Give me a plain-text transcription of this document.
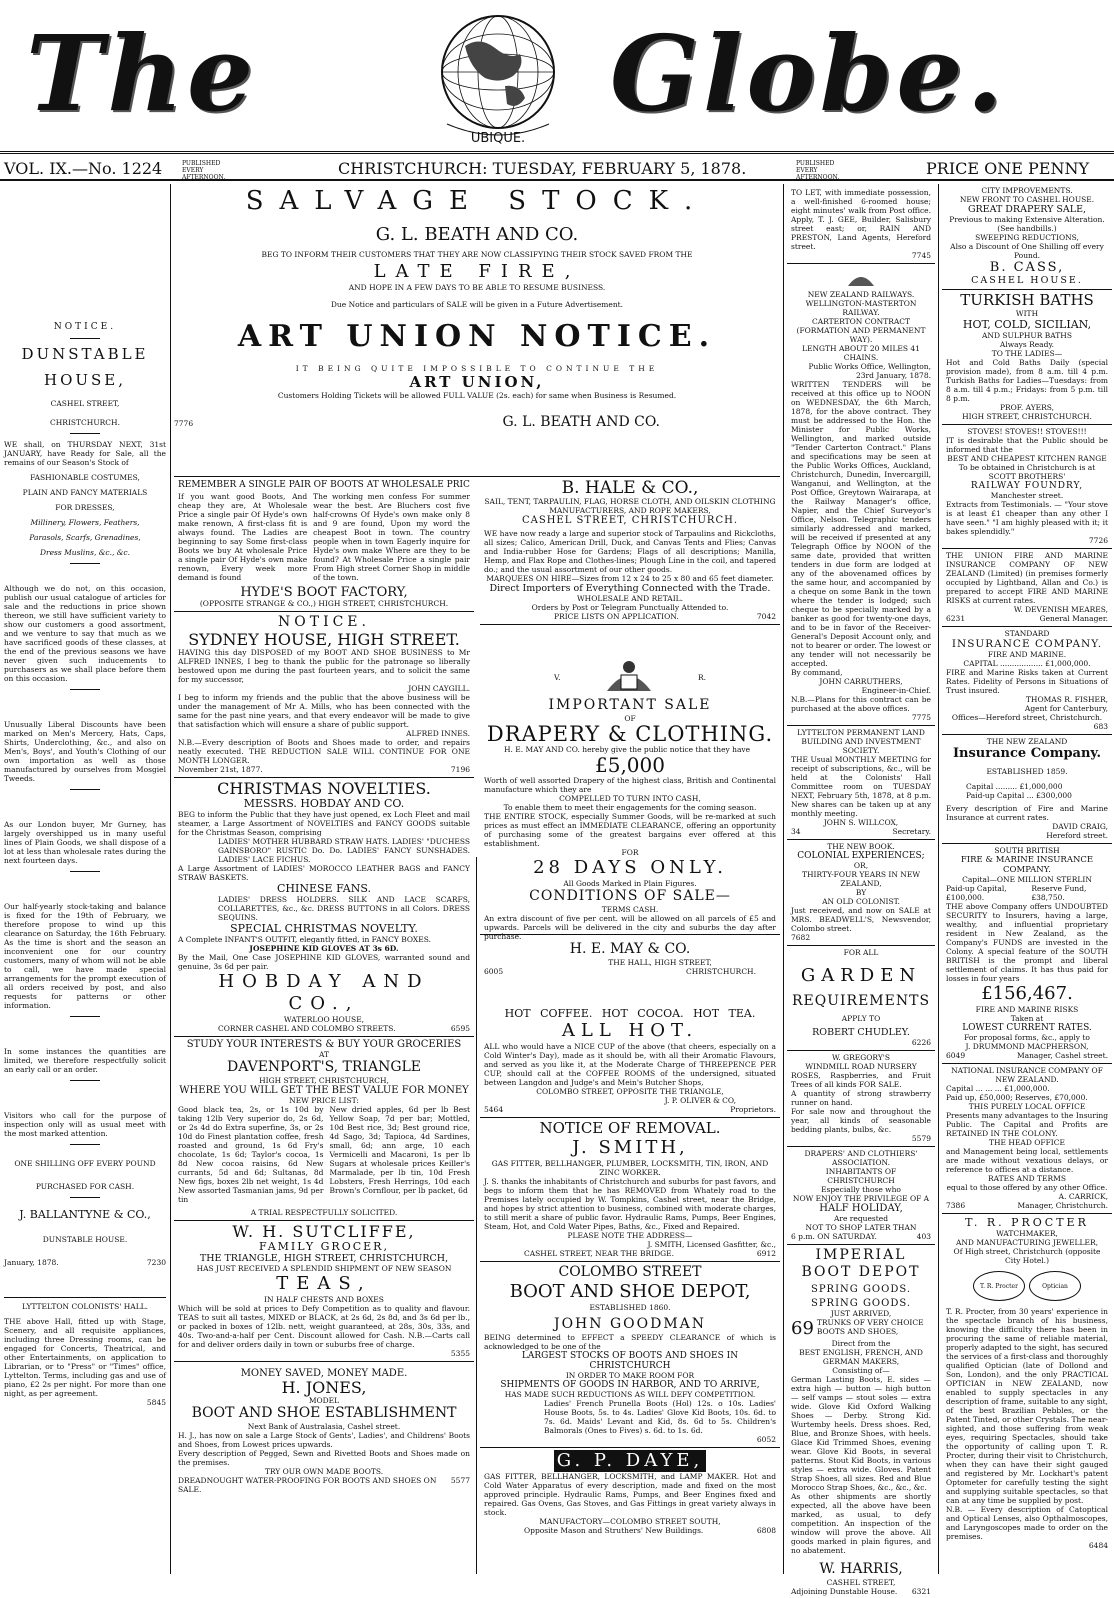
The
UBIQUE.
Globe.
VOL. IX.—No. 1224	PUBLISHED EVERY AFTERNOON.	CHRISTCHURCH: TUESDAY, FEBRUARY 5, 1878.	PUBLISHED EVERY AFTERNOON.	PRICE ONE PENNY
NOTICE.
DUNSTABLE
HOUSE,
CASHEL STREET,
CHRISTCHURCH.

WE shall, on THURSDAY NEXT, 31st JANUARY, have Ready for Sale, all the remains of our Season's Stock of

FASHIONABLE COSTUMES,
PLAIN AND FANCY MATERIALS
FOR DRESSES,
Millinery, Flowers, Feathers,
Parasols, Scarfs, Grenadines,
Dress Muslins, &c., &c.

Although we do not, on this occasion, publish our usual catalogue of articles for sale and the reductions in price shown thereon, we still have sufficient variety to show our customers a good assortment, and we venture to say that much as we have sacrificed goods of these classes, at the end of the previous seasons we have never given such inducements to purchasers as we shall place before them on this occasion.

Unusually Liberal Discounts have been marked on Men's Mercery, Hats, Caps, Shirts, Underclothing, &c., and also on Men's, Boys', and Youth's Clothing of our own importation as well as those manufactured by ourselves from Mosgiel Tweeds.

As our London buyer, Mr Gurney, has largely overshipped us in many useful lines of Plain Goods, we shall dispose of a lot at less than wholesale rates during the next fourteen days.

Our half-yearly stock-taking and balance is fixed for the 19th of February, we therefore propose to wind up this clearance on Saturday, the 16th February. As the time is short and the season an inconvenient one for our country customers, many of whom will not be able to call, we have made special arrangements for the prompt execution of all orders received by post, and also requests for patterns or other information.

In some instances the quantities are limited, we therefore respectfully solicit an early call or an order.

Visitors who call for the purpose of inspection only will as usual meet with the most marked attention.

ONE SHILLING OFF EVERY POUND
PURCHASED FOR CASH.
J. BALLANTYNE & CO.,
DUNSTABLE HOUSE.
January, 1878.	7230
LYTTELTON COLONISTS' HALL.

THE above Hall, fitted up with Stage, Scenery, and all requisite appliances, including three Dressing rooms, can be engaged for Concerts, Theatrical, and other Entertainments, on application to Librarian, or to "Press" or "Times" office, Lyttelton. Terms, including gas and use of piano, £2 2s per night. For more than one night, as per agreement.

5845
SALVAGE STOCK.
G. L. BEATH AND CO.
BEG TO INFORM THEIR CUSTOMERS THAT THEY ARE NOW CLASSIFYING THEIR STOCK SAVED FROM THE
LATE FIRE,
AND HOPE IN A FEW DAYS TO BE ABLE TO RESUME BUSINESS.
Due Notice and particulars of SALE will be given in a Future Advertisement.
ART UNION NOTICE.
IT BEING QUITE IMPOSSIBLE TO CONTINUE THE
ART UNION,
Customers Holding Tickets will be allowed FULL VALUE (2s. each) for same when Business is Resumed.
7776	G. L. BEATH AND CO.
REMEMBER A SINGLE PAIR OF BOOTS AT WHOLESALE PRIC

If you want good Boots, And cheap they are, At Wholesale Price a single pair Of Hyde's own make renown, A first-class fit is always found. The Ladies are beginning to say Some first-class Boots we buy At wholesale Price a single pair Of Hyde's own make renown, Every week more demand is found

The working men confess For summer wear the best. Are Bluchers cost five half-crowns Of Hyde's own make only 8 and 9 are found, Upon my word the cheapest Boot in town. The country people when in town Eagerly inquire for Hyde's own make Where are they to be found? At Wholesale Price a single pair From High street Corner Shop in middle of the town.

HYDE'S BOOT FACTORY,
(OPPOSITE STRANGE & CO.,) HIGH STREET, CHRISTCHURCH.
NOTICE.
SYDNEY HOUSE, HIGH STREET.

HAVING this day DISPOSED of my BOOT AND SHOE BUSINESS to Mr ALFRED INNES, I beg to thank the public for the patronage so liberally bestowed upon me during the past fourteen years, and to solicit the same for my successor,

JOHN CAYGILL.

I beg to inform my friends and the public that the above business will be under the management of Mr A. Mills, who has been connected with the same for the past nine years, and that every endeavor will be made to give that satisfaction which will ensure a share of public support.

ALFRED INNES.

N.B.—Every description of Boots and Shoes made to order, and repairs neatly executed. THE REDUCTION SALE WILL CONTINUE FOR ONE MONTH LONGER.

November 21st, 1877.	7196
CHRISTMAS NOVELTIES.
MESSRS. HOBDAY AND CO.

BEG to inform the Public that they have just opened, ex Loch Fleet and mail steamer, a Large Assortment of NOVELTIES and FANCY GOODS suitable for the Christmas Season, comprising

LADIES' MOTHER HUBBARD STRAW HATS. LADIES' "DUCHESS GAINSBORO" RUSTIC Do. Do. LADIES' FANCY SUNSHADES. LADIES' LACE FICHUS.

A Large Assortment of LADIES' MOROCCO LEATHER BAGS and FANCY STRAW BASKETS.

CHINESE FANS.

LADIES' DRESS HOLDERS. SILK AND LACE SCARFS, COLLARETTES, &c., &c. DRESS BUTTONS in all Colors. DRESS SEQUINS.

SPECIAL CHRISTMAS NOVELTY.

A Complete INFANT'S OUTFIT, elegantly fitted, in FANCY BOXES.

JOSEPHINE KID GLOVES AT 3s 6D.

By the Mail, One Case JOSEPHINE KID GLOVES, warranted sound and genuine, 3s 6d per pair.

HOBDAY AND CO.,
WATERLOO HOUSE,
CORNER CASHEL AND COLOMBO STREETS.	6595
STUDY YOUR INTERESTS & BUY YOUR GROCERIES
AT
DAVENPORT'S, TRIANGLE
HIGH STREET, CHRISTCHURCH,
WHERE YOU WILL GET THE BEST VALUE FOR MONEY
NEW PRICE LIST:

Good black tea, 2s, or 1s 10d by taking 12lb Very superior do, 2s 6d, or 2s 4d do Extra superfine, 3s, or 2s 10d do Finest plantation coffee, fresh roasted and ground, 1s 6d Fry's chocolate, 1s 6d; Taylor's cocoa, 1s 8d New cocoa raisins, 6d New currants, 5d and 6d; Sultanas, 8d New figs, boxes 2lb net weight, 1s 4d New assorted Tasmanian jams, 9d per tin

New dried apples, 6d per lb Best Yellow Soap, 7d per bar; Mottled, 10d Best rice, 3d; Best ground rice, 4d Sago, 3d; Tapioca, 4d Sardines, small, 6d; ann arge, 10 each Vermicelli and Macaroni, 1s per lb Sugars at wholesale prices Keiller's Marmalade, per lb tin, 10d Fresh Lobsters, Fresh Herrings, 10d each Brown's Cornflour, per lb packet, 6d

A TRIAL RESPECTFULLY SOLICITED.
W. H. SUTCLIFFE,
FAMILY GROCER,
THE TRIANGLE, HIGH STREET, CHRISTCHURCH,
HAS JUST RECEIVED A SPLENDID SHIPMENT OF NEW SEASON
TEAS,
IN HALF CHESTS AND BOXES

Which will be sold at prices to Defy Competition as to quality and flavour. TEAS to suit all tastes, MIXED or BLACK, at 2s 6d, 2s 8d, and 3s 6d per lb., or packed in boxes of 12lb. nett, weight guaranteed, at 28s, 30s, 33s, and 40s. Two-and-a-half per Cent. Discount allowed for Cash. N.B.—Carts call for and deliver orders daily in town or suburbs free of charge.

5355
MONEY SAVED, MONEY MADE.
H. JONES,
MODEL
BOOT AND SHOE ESTABLISHMENT
Next Bank of Australasia, Cashel street.

H. J., has now on sale a Large Stock of Gents', Ladies', and Childrens' Boots and Shoes, from Lowest prices upwards.

Every description of Pegged, Sewn and Rivetted Boots and Shoes made on the premises.

TRY OUR OWN MADE BOOTS.
DREADNOUGHT WATER-PROOFING FOR BOOTS AND SHOES ON SALE.
5577
B. HALE & CO.,
SAIL, TENT, TARPAULIN, FLAG, HORSE CLOTH, AND OILSKIN CLOTHING MANUFACTURERS, AND ROPE MAKERS,
CASHEL STREET, CHRISTCHURCH.

WE have now ready a large and superior stock of Tarpaulins and Rickcloths, all sizes; Calico, American Drill, Duck, and Canvas Tents and Flies; Canvas and India-rubber Hose for Gardens; Flags of all descriptions; Manilla, Hemp, and Flax Rope and Clothes-lines; Plough Line in the coil, and tapered do.; and the usual assortment of our other goods.

MARQUEES ON HIRE—Sizes from 12 x 24 to 25 x 80 and 65 feet diameter.
Direct Importers of Everything Connected with the Trade.
WHOLESALE AND RETAIL.
Orders by Post or Telegram Punctually Attended to.
PRICE LISTS ON APPLICATION.	7042
V.	R.
IMPORTANT SALE
OF
DRAPERY & CLOTHING.

H. E. MAY AND CO. hereby give the public notice that they have

£5,000

Worth of well assorted Drapery of the highest class, British and Continental manufacture which they are

COMPELLED TO TURN INTO CASH,
To enable them to meet their engagements for the coming season.

THE ENTIRE STOCK, especially Summer Goods, will be re-marked at such prices as must effect an IMMEDIATE CLEARANCE, offering an opportunity of purchasing some of the greatest bargains ever offered at this establishment.

FOR
28 DAYS ONLY.
All Goods Marked in Plain Figures.
CONDITIONS OF SALE—
TERMS CASH.

An extra discount of five per cent. will be allowed on all parcels of £5 and upwards. Parcels will be delivered in the city and suburbs the day after purchase.

H. E. MAY & CO.
THE HALL, HIGH STREET,
6005	CHRISTCHURCH.
HOT COFFEE. HOT COCOA. HOT TEA.
ALL HOT.

ALL who would have a NICE CUP of the above (that cheers, especially on a Cold Winter's Day), made as it should be, with all their Aromatic Flavours, and served as you like it, at the Moderate Charge of THREEPENCE PER CUP, should call at the COFFEE ROOMS of the undersigned, situated between Langdon and Judge's and Mein's Butcher Shops,

COLOMBO STREET, OPPOSITE THE TRIANGLE,
J. P. OLIVER & CO,
5464	Proprietors.
NOTICE OF REMOVAL.
J. SMITH,
GAS FITTER, BELLHANGER, PLUMBER, LOCKSMITH, TIN, IRON, AND ZINC WORKER.

J. S. thanks the inhabitants of Christchurch and suburbs for past favors, and begs to inform them that he has REMOVED from Whately road to the Premises lately occupied by W. Tompkins, Cashel street, near the Bridge, and hopes by strict attention to business, combined with moderate charges, to still merit a share of public favor. Hydraulic Rams, Pumps, Beer Engines, Steam, Hot, and Cold Water Pipes, Baths, &c., Fixed and Repaired.

PLEASE NOTE THE ADDRESS—
J. SMITH, Licensed Gasfitter, &c.,
CASHEL STREET, NEAR THE BRIDGE.	6912
COLOMBO STREET
BOOT AND SHOE DEPOT,
ESTABLISHED 1860.
JOHN GOODMAN

BEING determined to EFFECT a SPEEDY CLEARANCE of which is acknowledged to be one of the

LARGEST STOCKS OF BOOTS AND SHOES IN CHRISTCHURCH
IN ORDER TO MAKE ROOM FOR
SHIPMENTS OF GOODS IN HARBOR, AND TO ARRIVE,
HAS MADE SUCH REDUCTIONS AS WILL DEFY COMPETITION.

Ladies' French Prunella Boots (Hol) 12s. o 10s. Ladies' House Boots, 5s. to 4s. Ladies' Glove Kid Boots, 10s. 6d. to 7s. 6d. Maids' Levant and Kid, 8s. 6d to 5s. Children's Balmorals (Ones to Fives) s. 6d. to 1s. 6d.

6052
G. P. DAYE,

GAS FITTER, BELLHANGER, LOCKSMITH, and LAMP MAKER. Hot and Cold Water Apparatus of every description, made and fixed on the most approved principle. Hydraulic Rams, Pumps, and Beer Engines fixed and repaired. Gas Ovens, Gas Stoves, and Gas Fittings in great variety always in stock.

MANUFACTORY—COLOMBO STREET SOUTH,
Opposite Mason and Struthers' New Buildings.	6808

TO LET, with immediate possession, a well-finished 6-roomed house; eight minutes' walk from Post office. Apply, T. J. GEE, Builder, Salisbury street east; or, RAIN AND PRESTON, Land Agents, Hereford street.

7745
NEW ZEALAND RAILWAYS.
WELLINGTON-MASTERTON RAILWAY.
CARTERTON CONTRACT (FORMATION AND PERMANENT WAY).
LENGTH ABOUT 20 MILES 41 CHAINS.
Public Works Office, Wellington, 23rd January, 1878.

WRITTEN TENDERS will be received at this office up to NOON on WEDNESDAY, the 6th March, 1878, for the above contract. They must be addressed to the Hon. the Minister for Public Works, Wellington, and marked outside "Tender Carterton Contract." Plans and specifications may be seen at the Public Works Offices, Auckland, Christchurch, Dunedin, Invercargill, Wanganui, and Wellington, at the Post Office, Greytown Wairarapa, at the Railway Manager's office, Napier, and the Chief Surveyor's Office, Nelson. Telegraphic tenders similarly addressed and marked, will be received if presented at any Telegraph Office by NOON of the same date, provided that written tenders in due form are lodged at any of the abovenamed offices by the same hour, and accompanied by a cheque on some Bank in the town where the tender is lodged; such cheque to be specially marked by a banker as good for twenty-one days, and to be in favor of the Receiver-General's Deposit Account only, and not to bearer or order. The lowest or any tender will not necessarily be accepted.

By command,
JOHN CARRUTHERS,
Engineer-in-Chief.

N.B.—Plans for this contract can be purchased at the above offices.

7775
LYTTELTON PERMANENT LAND BUILDING AND INVESTMENT SOCIETY.

THE Usual MONTHLY MEETING for receipt of subscriptions, &c., will be held at the Colonists' Hall Committee room on TUESDAY NEXT, February 5th, 1878, at 8 p.m. New shares can be taken up at any monthly meeting.

JOHN S. WILLCOX,
34	Secretary.
THE NEW BOOK.
COLONIAL EXPERIENCES;
OR,
THIRTY-FOUR YEARS IN NEW ZEALAND,
BY
AN OLD COLONIST.

Just received, and now on SALE at MRS. BEADWELL'S, Newsvendor, Colombo street.

7682
FOR ALL
GARDEN
REQUIREMENTS
APPLY TO
ROBERT CHUDLEY.
6226
W. GREGORY'S
WINDMILL ROAD NURSERY

ROSES, Raspberries, and Fruit Trees of all kinds FOR SALE.

A quantity of strong strawberry runner on hand.

For sale now and throughout the year, all kinds of seasonable bedding plants, bulbs, &c.

5579
DRAPERS' AND CLOTHIERS' ASSOCIATION.
INHABITANTS OF CHRISTCHURCH
Especially those who
NOW ENJOY THE PRIVILEGE OF A
HALF HOLIDAY,
Are requested
NOT TO SHOP LATER THAN
6 p.m. ON SATURDAY.	403
IMPERIAL
BOOT DEPOT
SPRING GOODS.
SPRING GOODS.
JUST ARRIVED,
69 TRUNKS OF VERY CHOICE BOOTS AND SHOES,
Direct from the
BEST ENGLISH, FRENCH, AND GERMAN MAKERS,
Consisting of—

German Lasting Boots, E. sides — extra high — button — high button — self vamps — stout soles — extra wide. Glove Kid Oxford Walking Shoes — Derby. Strong Kid. Wurtemby heels. Dress shoes. Red, Blue, and Bronze Shoes, with heels. Glace Kid Trimmed Shoes, evening wear. Glove Kid Boots, in several patterns. Stout Kid Boots, in various styles — extra wide. Gloves. Patent Strap Shoes, all sizes. Red and Blue Morocco Strap Shoes, &c., &c., &c.

As other shipments are shortly expected, all the above have been marked, as usual, to defy competition. An inspection of the window will prove the above. All goods marked in plain figures, and no abatement.

W. HARRIS,
CASHEL STREET,
Adjoining Dunstable House. 6321
CITY IMPROVEMENTS.
NEW FRONT TO CASHEL HOUSE.
GREAT DRAPERY SALE,
Previous to making Extensive Alteration. (See handbills.)
SWEEPING REDUCTIONS,
Also a Discount of One Shilling off every Pound.
B. CASS,
CASHEL HOUSE.
TURKISH BATHS
WITH
HOT, COLD, SICILIAN,
AND SULPHUR BATHS
Always Ready.
TO THE LADIES—

Hot and Cold Baths Daily (special provision made), from 8 a.m. till 4 p.m. Turkish Baths for Ladies—Tuesdays: from 8 a.m. till 4 p.m.; Fridays: from 5 p.m. till 8 p.m.

PROF. AYERS,
HIGH STREET, CHRISTCHURCH.
STOVES! STOVES!! STOVES!!!

IT is desirable that the Public should be informed that the

BEST AND CHEAPEST KITCHEN RANGE
To be obtained in Christchurch is at
SCOTT BROTHERS'
RAILWAY FOUNDRY,
Manchester street.

Extracts from Testimonials. — "Your stove is at least £1 cheaper than any other I have seen." "I am highly pleased with it; it bakes splendidly."

7726

THE UNION FIRE AND MARINE INSURANCE COMPANY OF NEW ZEALAND (Limited) (in premises formerly occupied by Lightband, Allan and Co.) is prepared to accept FIRE AND MARINE RISKS at current rates.

W. DEVENISH MEARES,
6231	General Manager.
STANDARD
INSURANCE COMPANY.
FIRE AND MARINE.
CAPITAL .................. £1,000,000.

FIRE and Marine Risks taken at Current Rates. Fidelity of Persons in Situations of Trust insured.

THOMAS R. FISHER,
Agent for Canterbury,
Offices—Hereford street, Christchurch.
683
THE NEW ZEALAND
Insurance Company.
ESTABLISHED 1859.
Capital ......... £1,000,000
Paid-up Capital ... £300,000

Every description of Fire and Marine Insurance at current rates.

DAVID CRAIG,
Hereford street.
SOUTH BRITISH
FIRE & MARINE INSURANCE COMPANY.
Capital—ONE MILLION STERLIN
Paid-up Capital, £100,000.
Reserve Fund, £38,750.

THE above Company offers UNDOUBTED SECURITY to Insurers, having a large, wealthy, and influential proprietary resident in New Zealand, as the Company's FUNDS are invested in the Colony. A special feature of the SOUTH BRITISH is the prompt and liberal settlement of claims. It has thus paid for losses in four years

£156,467.
FIRE AND MARINE RISKS
Taken at
LOWEST CURRENT RATES.
For proposal forms, &c., apply to
J. DRUMMOND MACPHERSON,
6049	Manager, Cashel street.
NATIONAL INSURANCE COMPANY OF NEW ZEALAND.
Capital ... ... ... £1,000,000.
Paid up, £50,000; Reserves, £70,000.
THIS PURELY LOCAL OFFICE

Presents many advantages to the Insuring Public. The Capital and Profits are RETAINED IN THE COLONY.

THE HEAD OFFICE

and Management being local, settlements are made without vexatious delays, or reference to offices at a distance.

RATES AND TERMS
equal to those offered by any other Office.
A. CARRICK,
7386	Manager, Christchurch.
T. R. PROCTER
WATCHMAKER,
AND MANUFACTURING JEWELLER,
Of High street, Christchurch (opposite City Hotel.)
T. R. Procter	Optician

T. R. Procter, from 30 years' experience in the spectacle branch of his business, knowing the difficulty there has been in procuring the same of reliable material, properly adapted to the sight, has secured the services of a first-class and thoroughly qualified Optician (late of Dollond and Son, London), and the only PRACTICAL OPTICIAN in NEW ZEALAND, now enabled to supply spectacles in any description of frame, suitable to any sight, of the best Brazilian Pebbles, or the Patent Tinted, or other Crystals. The near-sighted, and those suffering from weak eyes, requiring Spectacles, should take the opportunity of calling upon T. R. Procter, during their visit to Christchurch, when they can have their sight gauged and registered by Mr. Lockhart's patent Optometer for carefully testing the sight and supplying suitable spectacles, so that can at any time be supplied by post.

N.B. — Every description of Catoptical and Optical Lenses, also Opthalmoscopes, and Laryngoscopes made to order on the premises.

6484
